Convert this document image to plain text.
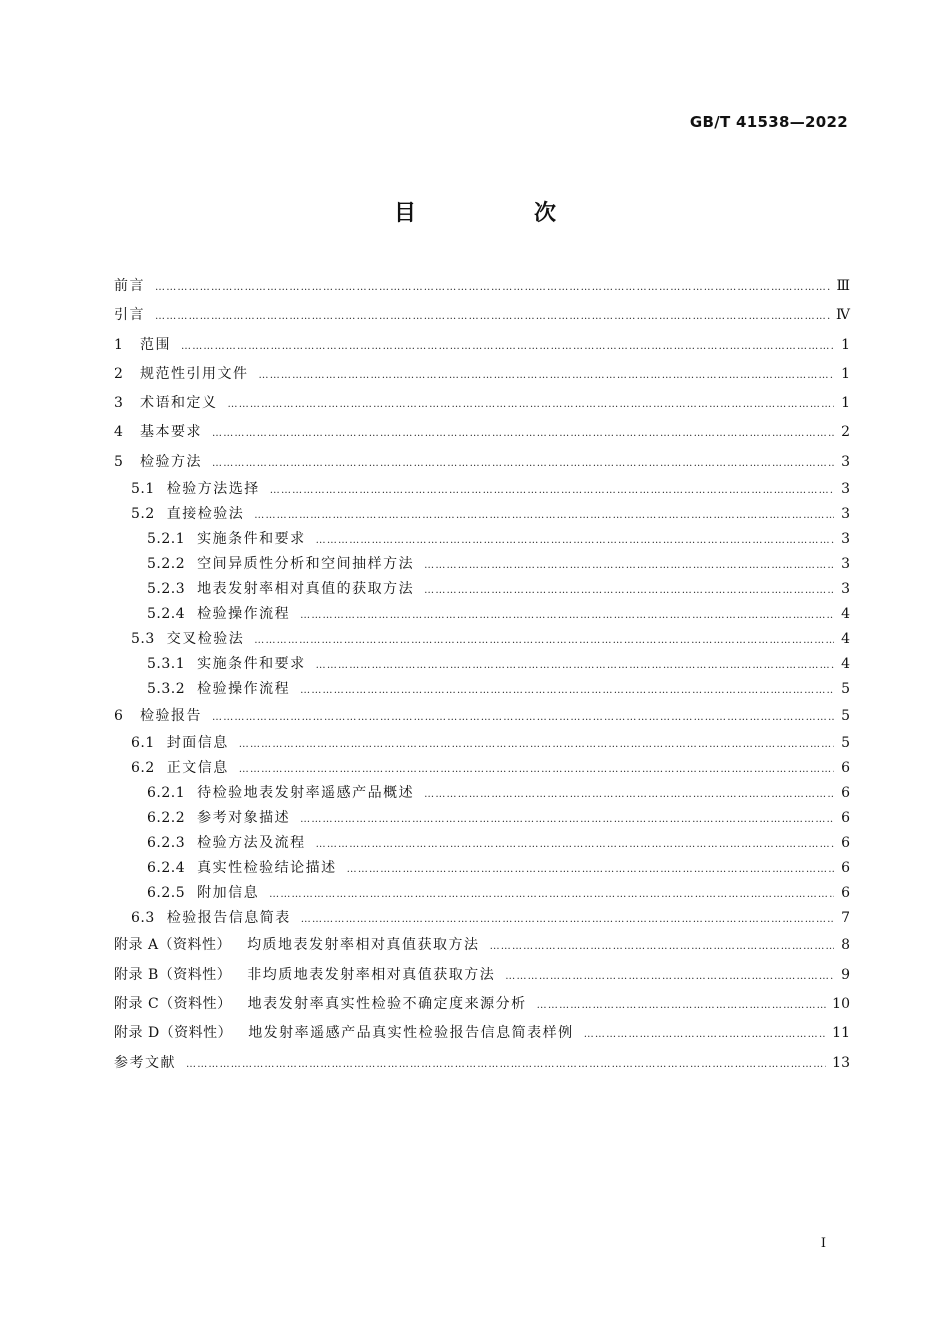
GB/T 41538—2022
目　次
前言 ……………………………………………………………………………………………………………………………………………………………………………	Ⅲ
引言 ……………………………………………………………………………………………………………………………………………………………………………	Ⅳ
1	范围 ……………………………………………………………………………………………………………………………………………………………………………	1
2	规范性引用文件 ……………………………………………………………………………………………………………………………………………………………………………	1
3	术语和定义 ……………………………………………………………………………………………………………………………………………………………………………	1
4	基本要求 ……………………………………………………………………………………………………………………………………………………………………………	2
5	检验方法 ……………………………………………………………………………………………………………………………………………………………………………	3
5.1 检验方法选择 ……………………………………………………………………………………………………………………………………………………………………………	3
5.2 直接检验法 ……………………………………………………………………………………………………………………………………………………………………………	3
5.2.1 实施条件和要求 ……………………………………………………………………………………………………………………………………………………………………………	3
5.2.2 空间异质性分析和空间抽样方法 ……………………………………………………………………………………………………………………………………………………………………………	3
5.2.3 地表发射率相对真值的获取方法 ……………………………………………………………………………………………………………………………………………………………………………	3
5.2.4 检验操作流程 ……………………………………………………………………………………………………………………………………………………………………………	4
5.3 交叉检验法 ……………………………………………………………………………………………………………………………………………………………………………	4
5.3.1 实施条件和要求 ……………………………………………………………………………………………………………………………………………………………………………	4
5.3.2 检验操作流程 ……………………………………………………………………………………………………………………………………………………………………………	5
6	检验报告 ……………………………………………………………………………………………………………………………………………………………………………	5
6.1 封面信息 ……………………………………………………………………………………………………………………………………………………………………………	5
6.2 正文信息 ……………………………………………………………………………………………………………………………………………………………………………	6
6.2.1 待检验地表发射率遥感产品概述 ……………………………………………………………………………………………………………………………………………………………………………	6
6.2.2 参考对象描述 ……………………………………………………………………………………………………………………………………………………………………………	6
6.2.3 检验方法及流程 ……………………………………………………………………………………………………………………………………………………………………………	6
6.2.4 真实性检验结论描述 ……………………………………………………………………………………………………………………………………………………………………………	6
6.2.5 附加信息 ……………………………………………………………………………………………………………………………………………………………………………	6
6.3 检验报告信息简表 ……………………………………………………………………………………………………………………………………………………………………………	7
附录 A（资料性） 均质地表发射率相对真值获取方法 ……………………………………………………………………………………………………………………………………………………………………………	8
附录 B（资料性） 非均质地表发射率相对真值获取方法 ……………………………………………………………………………………………………………………………………………………………………………	9
附录 C（资料性） 地表发射率真实性检验不确定度来源分析 ……………………………………………………………………………………………………………………………………………………………………………	10
附录 D（资料性） 地发射率遥感产品真实性检验报告信息简表样例 ……………………………………………………………………………………………………………………………………………………………………………	11
参考文献 ……………………………………………………………………………………………………………………………………………………………………………	13
I
